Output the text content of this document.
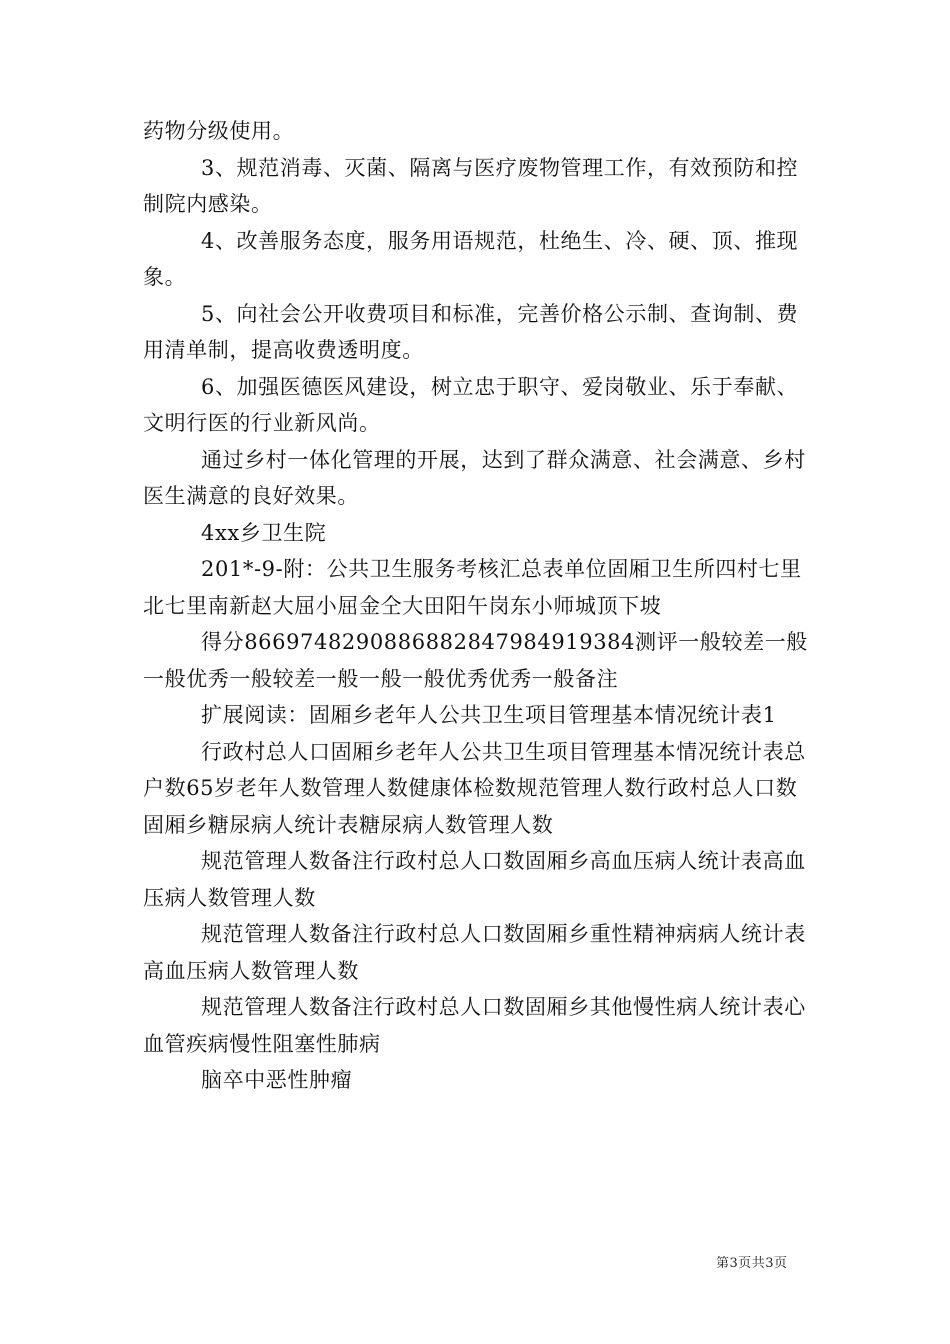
药物分级使用。

3、规范消毒、灭菌、隔离与医疗废物管理工作，有效预防和控制院内感染。

4、改善服务态度，服务用语规范，杜绝生、冷、硬、顶、推现象。

5、向社会公开收费项目和标准，完善价格公示制、查询制、费用清单制，提高收费透明度。

6、加强医德医风建设，树立忠于职守、爱岗敬业、乐于奉献、文明行医的行业新风尚。

通过乡村一体化管理的开展，达到了群众满意、社会满意、乡村医生满意的良好效果。

4xx乡卫生院

201*-9-附：公共卫生服务考核汇总表单位固厢卫生所四村七里北七里南新赵大屈小屈金仝大田阳午岗东小师城顶下坡

得分8669748290886882847984919384测评一般较差一般一般优秀一般较差一般一般一般优秀优秀一般备注

扩展阅读：固厢乡老年人公共卫生项目管理基本情况统计表1

行政村总人口固厢乡老年人公共卫生项目管理基本情况统计表总户数65岁老年人数管理人数健康体检数规范管理人数行政村总人口数固厢乡糖尿病人统计表糖尿病人数管理人数

规范管理人数备注行政村总人口数固厢乡高血压病人统计表高血压病人数管理人数

规范管理人数备注行政村总人口数固厢乡重性精神病病人统计表高血压病人数管理人数

规范管理人数备注行政村总人口数固厢乡其他慢性病人统计表心血管疾病慢性阻塞性肺病

脑卒中恶性肿瘤

第3页共3页
